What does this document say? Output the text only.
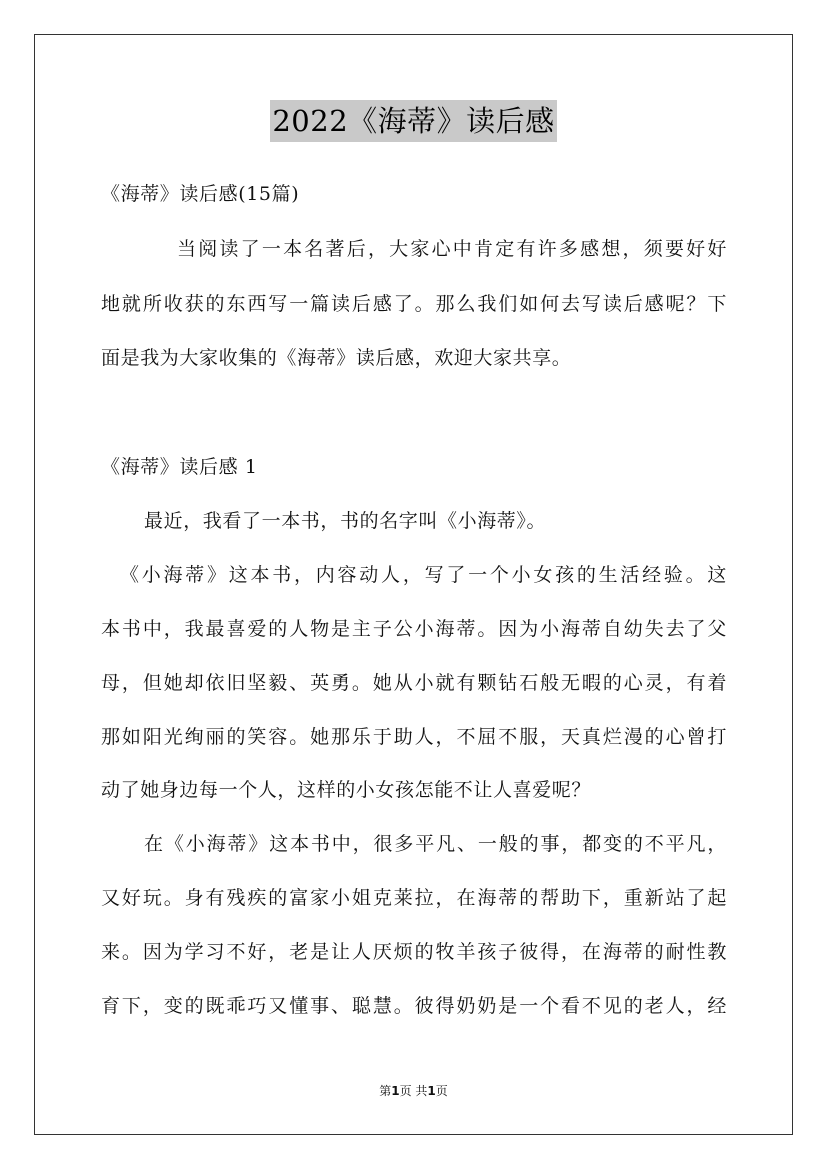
2022《海蒂》读后感
《海蒂》读后感(15篇)
当阅读了一本名著后，大家心中肯定有许多感想，须要好好
地就所收获的东西写一篇读后感了。那么我们如何去写读后感呢？下
面是我为大家收集的《海蒂》读后感，欢迎大家共享。
《海蒂》读后感 1
最近，我看了一本书，书的名字叫《小海蒂》。
《小海蒂》这本书，内容动人，写了一个小女孩的生活经验。这
本书中，我最喜爱的人物是主子公小海蒂。因为小海蒂自幼失去了父
母，但她却依旧坚毅、英勇。她从小就有颗钻石般无暇的心灵，有着
那如阳光绚丽的笑容。她那乐于助人，不屈不服，天真烂漫的心曾打
动了她身边每一个人，这样的小女孩怎能不让人喜爱呢？
在《小海蒂》这本书中，很多平凡、一般的事，都变的不平凡，
又好玩。身有残疾的富家小姐克莱拉，在海蒂的帮助下，重新站了起
来。因为学习不好，老是让人厌烦的牧羊孩子彼得，在海蒂的耐性教
育下，变的既乖巧又懂事、聪慧。彼得奶奶是一个看不见的老人，经
第1页 共1页
